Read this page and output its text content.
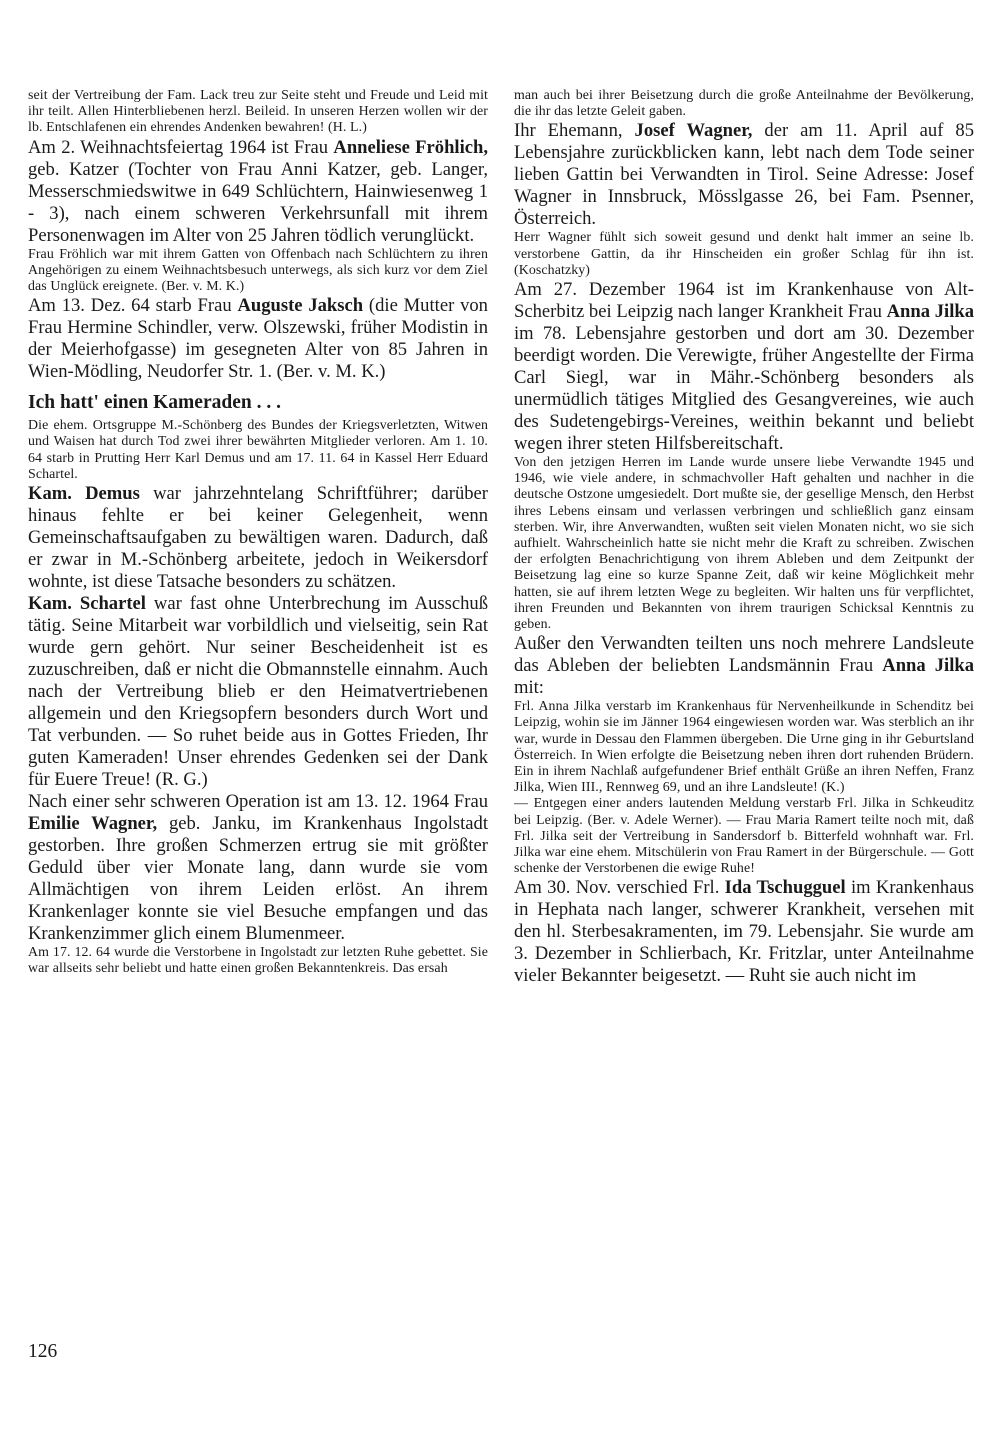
seit der Vertreibung der Fam. Lack treu zur Seite steht und Freude und Leid mit ihr teilt. Allen Hinterbliebenen herzl. Beileid. In unseren Herzen wollen wir der lb. Entschlafenen ein ehrendes Andenken bewahren! (H. L.)

Am 2. Weihnachtsfeiertag 1964 ist Frau Anneliese Fröhlich, geb. Katzer (Tochter von Frau Anni Katzer, geb. Langer, Messerschmiedswitwe in 649 Schlüchtern, Hainwiesenweg 1 - 3), nach einem schweren Verkehrsunfall mit ihrem Personenwagen im Alter von 25 Jahren tödlich verunglückt.

Frau Fröhlich war mit ihrem Gatten von Offenbach nach Schlüchtern zu ihren Angehörigen zu einem Weihnachtsbesuch unterwegs, als sich kurz vor dem Ziel das Unglück ereignete. (Ber. v. M. K.)

Am 13. Dez. 64 starb Frau Auguste Jaksch (die Mutter von Frau Hermine Schindler, verw. Olszewski, früher Modistin in der Meierhofgasse) im gesegneten Alter von 85 Jahren in Wien-Mödling, Neudorfer Str. 1. (Ber. v. M. K.)

Ich hatt' einen Kameraden . . .

Die ehem. Ortsgruppe M.-Schönberg des Bundes der Kriegsverletzten, Witwen und Waisen hat durch Tod zwei ihrer bewährten Mitglieder verloren. Am 1. 10. 64 starb in Prutting Herr Karl Demus und am 17. 11. 64 in Kassel Herr Eduard Schartel.

Kam. Demus war jahrzehntelang Schriftführer; darüber hinaus fehlte er bei keiner Gelegenheit, wenn Gemeinschaftsaufgaben zu bewältigen waren. Dadurch, daß er zwar in M.-Schönberg arbeitete, jedoch in Weikersdorf wohnte, ist diese Tatsache besonders zu schätzen.

Kam. Schartel war fast ohne Unterbrechung im Ausschuß tätig. Seine Mitarbeit war vorbildlich und vielseitig, sein Rat wurde gern gehört. Nur seiner Bescheidenheit ist es zuzuschreiben, daß er nicht die Obmannstelle einnahm. Auch nach der Vertreibung blieb er den Heimatvertriebenen allgemein und den Kriegsopfern besonders durch Wort und Tat verbunden. — So ruhet beide aus in Gottes Frieden, Ihr guten Kameraden! Unser ehrendes Gedenken sei der Dank für Euere Treue! (R. G.)

Nach einer sehr schweren Operation ist am 13. 12. 1964 Frau Emilie Wagner, geb. Janku, im Krankenhaus Ingolstadt gestorben. Ihre großen Schmerzen ertrug sie mit größter Geduld über vier Monate lang, dann wurde sie vom Allmächtigen von ihrem Leiden erlöst. An ihrem Krankenlager konnte sie viel Besuche empfangen und das Krankenzimmer glich einem Blumenmeer.

Am 17. 12. 64 wurde die Verstorbene in Ingolstadt zur letzten Ruhe gebettet. Sie war allseits sehr beliebt und hatte einen großen Bekanntenkreis. Das ersah

man auch bei ihrer Beisetzung durch die große Anteilnahme der Bevölkerung, die ihr das letzte Geleit gaben.

Ihr Ehemann, Josef Wagner, der am 11. April auf 85 Lebensjahre zurückblicken kann, lebt nach dem Tode seiner lieben Gattin bei Verwandten in Tirol. Seine Adresse: Josef Wagner in Innsbruck, Mösslgasse 26, bei Fam. Psenner, Österreich.

Herr Wagner fühlt sich soweit gesund und denkt halt immer an seine lb. verstorbene Gattin, da ihr Hinscheiden ein großer Schlag für ihn ist. (Koschatzky)

Am 27. Dezember 1964 ist im Krankenhause von Alt-Scherbitz bei Leipzig nach langer Krankheit Frau Anna Jilka im 78. Lebensjahre gestorben und dort am 30. Dezember beerdigt worden. Die Verewigte, früher Angestellte der Firma Carl Siegl, war in Mähr.-Schönberg besonders als unermüdlich tätiges Mitglied des Gesangvereines, wie auch des Sudetengebirgs-Vereines, weithin bekannt und beliebt wegen ihrer steten Hilfsbereitschaft.

Von den jetzigen Herren im Lande wurde unsere liebe Verwandte 1945 und 1946, wie viele andere, in schmachvoller Haft gehalten und nachher in die deutsche Ostzone umgesiedelt. Dort mußte sie, der gesellige Mensch, den Herbst ihres Lebens einsam und verlassen verbringen und schließlich ganz einsam sterben. Wir, ihre Anverwandten, wußten seit vielen Monaten nicht, wo sie sich aufhielt. Wahrscheinlich hatte sie nicht mehr die Kraft zu schreiben. Zwischen der erfolgten Benachrichtigung von ihrem Ableben und dem Zeitpunkt der Beisetzung lag eine so kurze Spanne Zeit, daß wir keine Möglichkeit mehr hatten, sie auf ihrem letzten Wege zu begleiten. Wir halten uns für verpflichtet, ihren Freunden und Bekannten von ihrem traurigen Schicksal Kenntnis zu geben.

Außer den Verwandten teilten uns noch mehrere Landsleute das Ableben der beliebten Landsmännin Frau Anna Jilka mit:

Frl. Anna Jilka verstarb im Krankenhaus für Nervenheilkunde in Schenditz bei Leipzig, wohin sie im Jänner 1964 eingewiesen worden war. Was sterblich an ihr war, wurde in Dessau den Flammen übergeben. Die Urne ging in ihr Geburtsland Österreich. In Wien erfolgte die Beisetzung neben ihren dort ruhenden Brüdern. Ein in ihrem Nachlaß aufgefundener Brief enthält Grüße an ihren Neffen, Franz Jilka, Wien III., Rennweg 69, und an ihre Landsleute! (K.)

— Entgegen einer anders lautenden Meldung verstarb Frl. Jilka in Schkeuditz bei Leipzig. (Ber. v. Adele Werner). — Frau Maria Ramert teilte noch mit, daß Frl. Jilka seit der Vertreibung in Sandersdorf b. Bitterfeld wohnhaft war. Frl. Jilka war eine ehem. Mitschülerin von Frau Ramert in der Bürgerschule. — Gott schenke der Verstorbenen die ewige Ruhe!

Am 30. Nov. verschied Frl. Ida Tschugguel im Krankenhaus in Hephata nach langer, schwerer Krankheit, versehen mit den hl. Sterbesakramenten, im 79. Lebensjahr. Sie wurde am 3. Dezember in Schlierbach, Kr. Fritzlar, unter Anteilnahme vieler Bekannter beigesetzt. — Ruht sie auch nicht im

126
